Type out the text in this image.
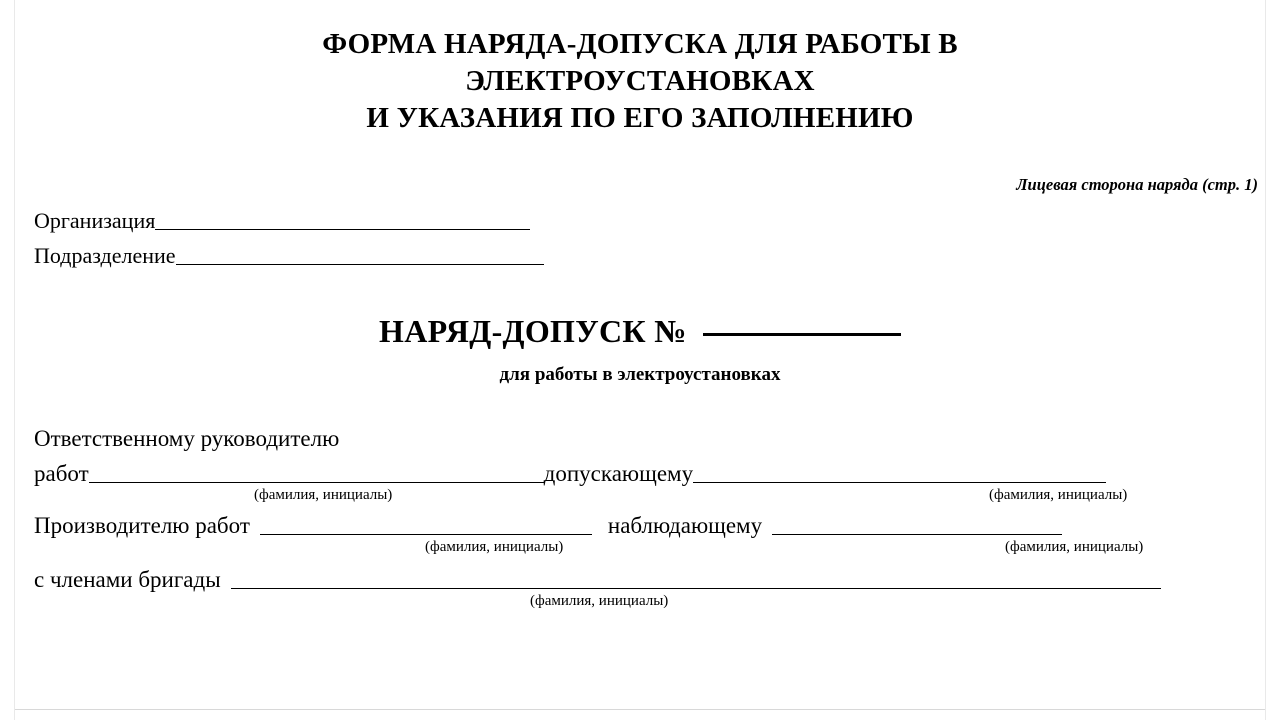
ФОРМА НАРЯДА-ДОПУСКА ДЛЯ РАБОТЫ В
ЭЛЕКТРОУСТАНОВКАХ
И УКАЗАНИЯ ПО ЕГО ЗАПОЛНЕНИЮ
Лицевая сторона наряда (стр. 1)
Организация
Подразделение
НАРЯД-ДОПУСК №
для работы в электроустановках
Ответственному руководителю
работ	допускающему
(фамилия, инициалы)	(фамилия, инициалы)
Производителю работ	наблюдающему
(фамилия, инициалы)	(фамилия, инициалы)
с членами бригады
(фамилия, инициалы)
